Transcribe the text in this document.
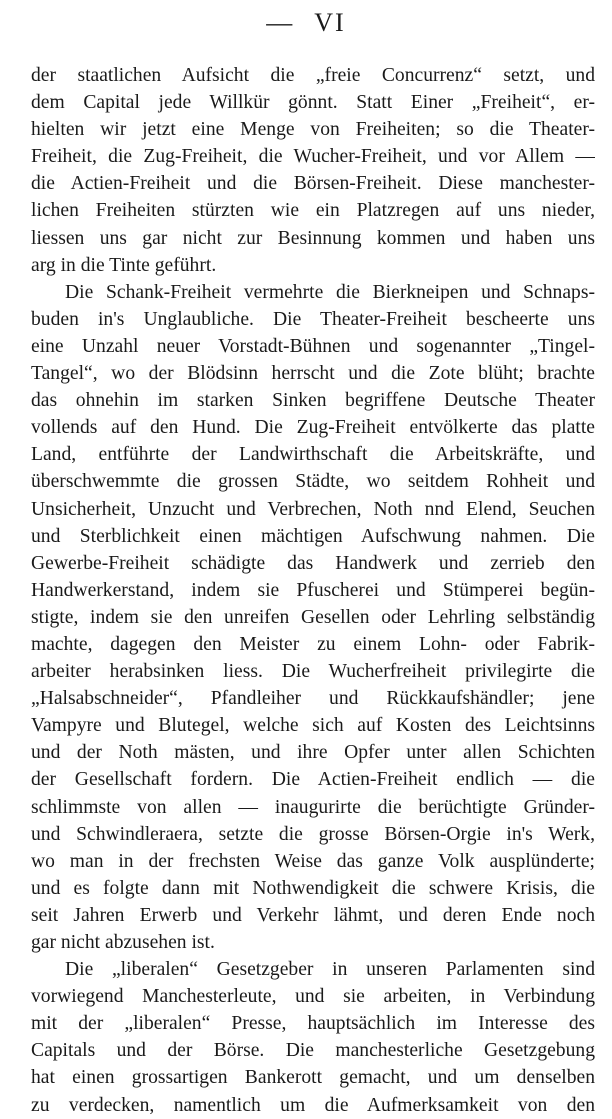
— VI
der staatlichen Aufsicht die „freie Concurrenz“ setzt, und
dem Capital jede Willkür gönnt. Statt Einer „Freiheit“, er-
hielten wir jetzt eine Menge von Freiheiten; so die Theater-
Freiheit, die Zug-Freiheit, die Wucher-Freiheit, und vor Allem —
die Actien-Freiheit und die Börsen-Freiheit. Diese manchester-
lichen Freiheiten stürzten wie ein Platzregen auf uns nieder,
liessen uns gar nicht zur Besinnung kommen und haben uns
arg in die Tinte geführt.
Die Schank-Freiheit vermehrte die Bierkneipen und Schnaps-
buden in's Unglaubliche. Die Theater-Freiheit bescheerte uns
eine Unzahl neuer Vorstadt-Bühnen und sogenannter „Tingel-
Tangel“, wo der Blödsinn herrscht und die Zote blüht; brachte
das ohnehin im starken Sinken begriffene Deutsche Theater
vollends auf den Hund. Die Zug-Freiheit entvölkerte das platte
Land, entführte der Landwirthschaft die Arbeitskräfte, und
überschwemmte die grossen Städte, wo seitdem Rohheit und
Unsicherheit, Unzucht und Verbrechen, Noth nnd Elend, Seuchen
und Sterblichkeit einen mächtigen Aufschwung nahmen. Die
Gewerbe-Freiheit schädigte das Handwerk und zerrieb den
Handwerkerstand, indem sie Pfuscherei und Stümperei begün-
stigte, indem sie den unreifen Gesellen oder Lehrling selbständig
machte, dagegen den Meister zu einem Lohn- oder Fabrik-
arbeiter herabsinken liess. Die Wucherfreiheit privilegirte die
„Halsabschneider“, Pfandleiher und Rückkaufshändler; jene
Vampyre und Blutegel, welche sich auf Kosten des Leichtsinns
und der Noth mästen, und ihre Opfer unter allen Schichten
der Gesellschaft fordern. Die Actien-Freiheit endlich — die
schlimmste von allen — inaugurirte die berüchtigte Gründer-
und Schwindleraera, setzte die grosse Börsen-Orgie in's Werk,
wo man in der frechsten Weise das ganze Volk ausplünderte;
und es folgte dann mit Nothwendigkeit die schwere Krisis, die
seit Jahren Erwerb und Verkehr lähmt, und deren Ende noch
gar nicht abzusehen ist.
Die „liberalen“ Gesetzgeber in unseren Parlamenten sind
vorwiegend Manchesterleute, und sie arbeiten, in Verbindung
mit der „liberalen“ Presse, hauptsächlich im Interesse des
Capitals und der Börse. Die manchesterliche Gesetzgebung
hat einen grossartigen Bankerott gemacht, und um denselben
zu verdecken, namentlich um die Aufmerksamkeit von den
